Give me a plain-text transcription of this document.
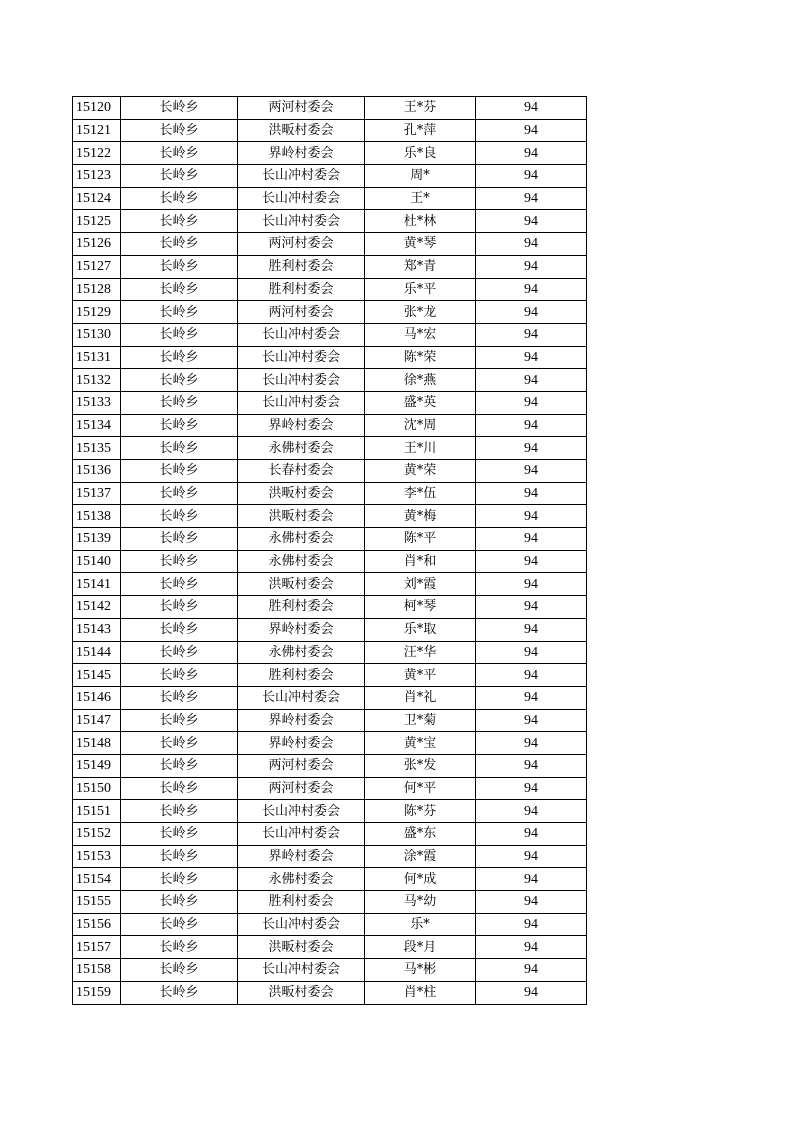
15120	长岭乡	两河村委会	王*芬	94
15121	长岭乡	洪畈村委会	孔*萍	94
15122	长岭乡	界岭村委会	乐*良	94
15123	长岭乡	长山冲村委会	周*	94
15124	长岭乡	长山冲村委会	王*	94
15125	长岭乡	长山冲村委会	杜*林	94
15126	长岭乡	两河村委会	黄*琴	94
15127	长岭乡	胜利村委会	郑*青	94
15128	长岭乡	胜利村委会	乐*平	94
15129	长岭乡	两河村委会	张*龙	94
15130	长岭乡	长山冲村委会	马*宏	94
15131	长岭乡	长山冲村委会	陈*荣	94
15132	长岭乡	长山冲村委会	徐*燕	94
15133	长岭乡	长山冲村委会	盛*英	94
15134	长岭乡	界岭村委会	沈*周	94
15135	长岭乡	永佛村委会	王*川	94
15136	长岭乡	长春村委会	黄*荣	94
15137	长岭乡	洪畈村委会	李*伍	94
15138	长岭乡	洪畈村委会	黄*梅	94
15139	长岭乡	永佛村委会	陈*平	94
15140	长岭乡	永佛村委会	肖*和	94
15141	长岭乡	洪畈村委会	刘*霞	94
15142	长岭乡	胜利村委会	柯*琴	94
15143	长岭乡	界岭村委会	乐*取	94
15144	长岭乡	永佛村委会	汪*华	94
15145	长岭乡	胜利村委会	黄*平	94
15146	长岭乡	长山冲村委会	肖*礼	94
15147	长岭乡	界岭村委会	卫*菊	94
15148	长岭乡	界岭村委会	黄*宝	94
15149	长岭乡	两河村委会	张*发	94
15150	长岭乡	两河村委会	何*平	94
15151	长岭乡	长山冲村委会	陈*芬	94
15152	长岭乡	长山冲村委会	盛*东	94
15153	长岭乡	界岭村委会	涂*霞	94
15154	长岭乡	永佛村委会	何*成	94
15155	长岭乡	胜利村委会	马*幼	94
15156	长岭乡	长山冲村委会	乐*	94
15157	长岭乡	洪畈村委会	段*月	94
15158	长岭乡	长山冲村委会	马*彬	94
15159	长岭乡	洪畈村委会	肖*柱	94
